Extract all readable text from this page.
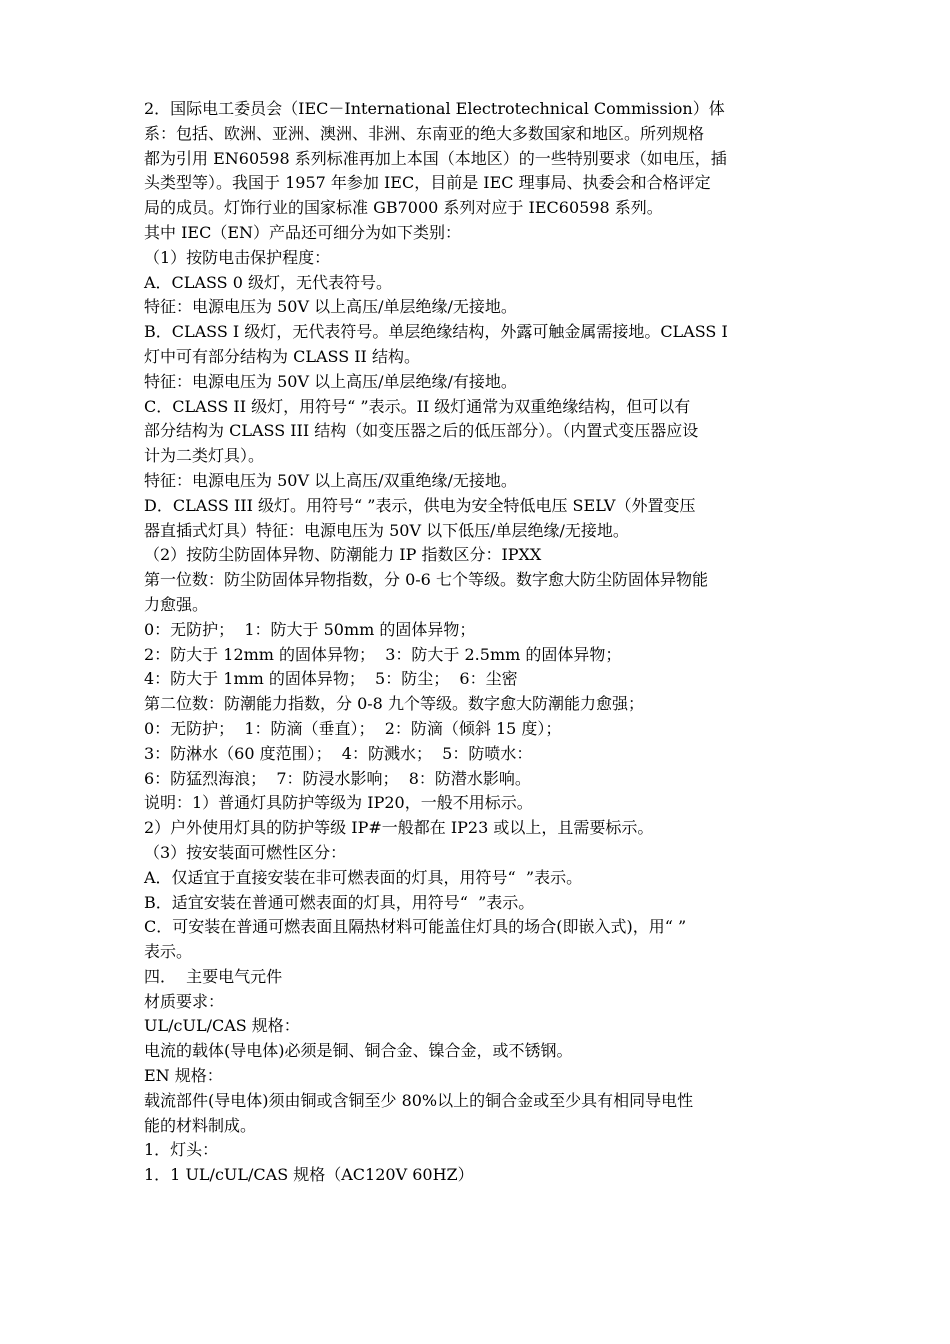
2．国际电工委员会（IEC－International Electrotechnical Commission）体
系：包括、欧洲、亚洲、澳洲、非洲、东南亚的绝大多数国家和地区。所列规格
都为引用 EN60598 系列标准再加上本国（本地区）的一些特别要求（如电压，插
头类型等）。我国于 1957 年参加 IEC，目前是 IEC 理事局、执委会和合格评定
局的成员。灯饰行业的国家标准 GB7000 系列对应于 IEC60598 系列。
其中 IEC（EN）产品还可细分为如下类别：
（1）按防电击保护程度：
A．CLASS 0 级灯，无代表符号。
特征：电源电压为 50V 以上高压/单层绝缘/无接地。
B．CLASS I 级灯，无代表符号。单层绝缘结构，外露可触金属需接地。CLASS I
灯中可有部分结构为 CLASS II 结构。
特征：电源电压为 50V 以上高压/单层绝缘/有接地。
C．CLASS II 级灯，用符号“ ”表示。II 级灯通常为双重绝缘结构，但可以有
部分结构为 CLASS III 结构（如变压器之后的低压部分）。（内置式变压器应设
计为二类灯具）。
特征：电源电压为 50V 以上高压/双重绝缘/无接地。
D．CLASS III 级灯。用符号“ ”表示，供电为安全特低电压 SELV（外置变压
器直插式灯具）特征：电源电压为 50V 以下低压/单层绝缘/无接地。
（2）按防尘防固体异物、防潮能力 IP 指数区分：IPXX
第一位数：防尘防固体异物指数，分 0-6 七个等级。数字愈大防尘防固体异物能
力愈强。
0：无防护；  1：防大于 50mm 的固体异物；
2：防大于 12mm 的固体异物；  3：防大于 2.5mm 的固体异物；
4：防大于 1mm 的固体异物；  5：防尘；  6：尘密
第二位数：防潮能力指数，分 0-8 九个等级。数字愈大防潮能力愈强；
0：无防护；  1：防滴（垂直）；  2：防滴（倾斜 15 度）；
3：防淋水（60 度范围）；  4：防溅水；  5：防喷水：
6：防猛烈海浪；  7：防浸水影响；  8：防潜水影响。
说明：1）普通灯具防护等级为 IP20，一般不用标示。
2）户外使用灯具的防护等级 IP#一般都在 IP23 或以上，且需要标示。
（3）按安装面可燃性区分：
A．仅适宜于直接安装在非可燃表面的灯具，用符号“  ”表示。
B．适宜安装在普通可燃表面的灯具，用符号“  ”表示。
C．可安装在普通可燃表面且隔热材料可能盖住灯具的场合(即嵌入式)，用“ ”
表示。
四．  主要电气元件
材质要求：
UL/cUL/CAS 规格：
电流的载体(导电体)必须是铜、铜合金、镍合金，或不锈钢。
EN 规格：
载流部件(导电体)须由铜或含铜至少 80%以上的铜合金或至少具有相同导电性
能的材料制成。
1．灯头：
1．1 UL/cUL/CAS 规格（AC120V 60HZ）
